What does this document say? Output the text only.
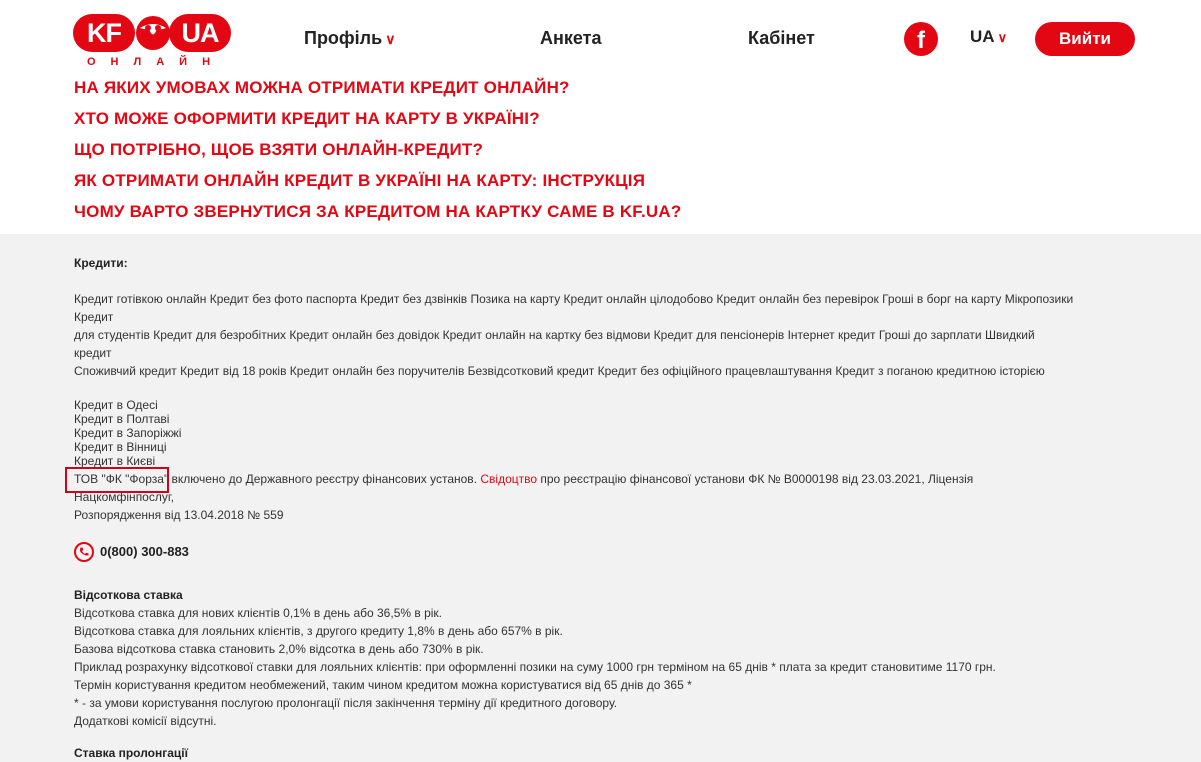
KF	UA
ОНЛАЙН
Профіль ∨	Анкета	Кабінет	f	UA ∨	Вийти
НА ЯКИХ УМОВАХ МОЖНА ОТРИМАТИ КРЕДИТ ОНЛАЙН?
ХТО МОЖЕ ОФОРМИТИ КРЕДИТ НА КАРТУ В УКРАЇНІ?
ЩО ПОТРІБНО, ЩОБ ВЗЯТИ ОНЛАЙН-КРЕДИТ?
ЯК ОТРИМАТИ ОНЛАЙН КРЕДИТ В УКРАЇНІ НА КАРТУ: ІНСТРУКЦІЯ
ЧОМУ ВАРТО ЗВЕРНУТИСЯ ЗА КРЕДИТОМ НА КАРТКУ САМЕ В KF.UA?
Кредити:
Кредит готівкою онлайн Кредит без фото паспорта Кредит без дзвінків Позика на карту Кредит онлайн цілодобово Кредит онлайн без перевірок Гроші в борг на карту Мікропозики Кредит
для студентів Кредит для безробітних Кредит онлайн без довідок Кредит онлайн на картку без відмови Кредит для пенсіонерів Інтернет кредит Гроші до зарплати Швидкий кредит
Споживчий кредит Кредит від 18 років Кредит онлайн без поручителів Безвідсотковий кредит Кредит без офіційного працевлаштування Кредит з поганою кредитною історією
Кредит в Одесі
Кредит в Полтаві
Кредит в Запоріжжі
Кредит в Вінниці
Кредит в Києві
ТОВ "ФК "Форза" включено до Державного реєстру фінансових установ. Свідоцтво про реєстрацію фінансової установи ФК № В0000198 від 23.03.2021, Ліцензія Нацкомфінпослуг,
Розпорядження від 13.04.2018 № 559
0(800) 300-883
Відсоткова ставка
Відсоткова ставка для нових клієнтів 0,1% в день або 36,5% в рік.
Відсоткова ставка для лояльних клієнтів, з другого кредиту 1,8% в день або 657% в рік.
Базова відсоткова ставка становить 2,0% відсотка в день або 730% в рік.
Приклад розрахунку відсоткової ставки для лояльних клієнтів: при оформленні позики на суму 1000 грн терміном на 65 днів * плата за кредит становитиме 1170 грн.
Термін користування кредитом необмежений, таким чином кредитом можна користуватися від 65 днів до 365 *
* - за умови користування послугою пролонгації після закінчення терміну дії кредитного договору.
Додаткові комісії відсутні.
Ставка пролонгації
